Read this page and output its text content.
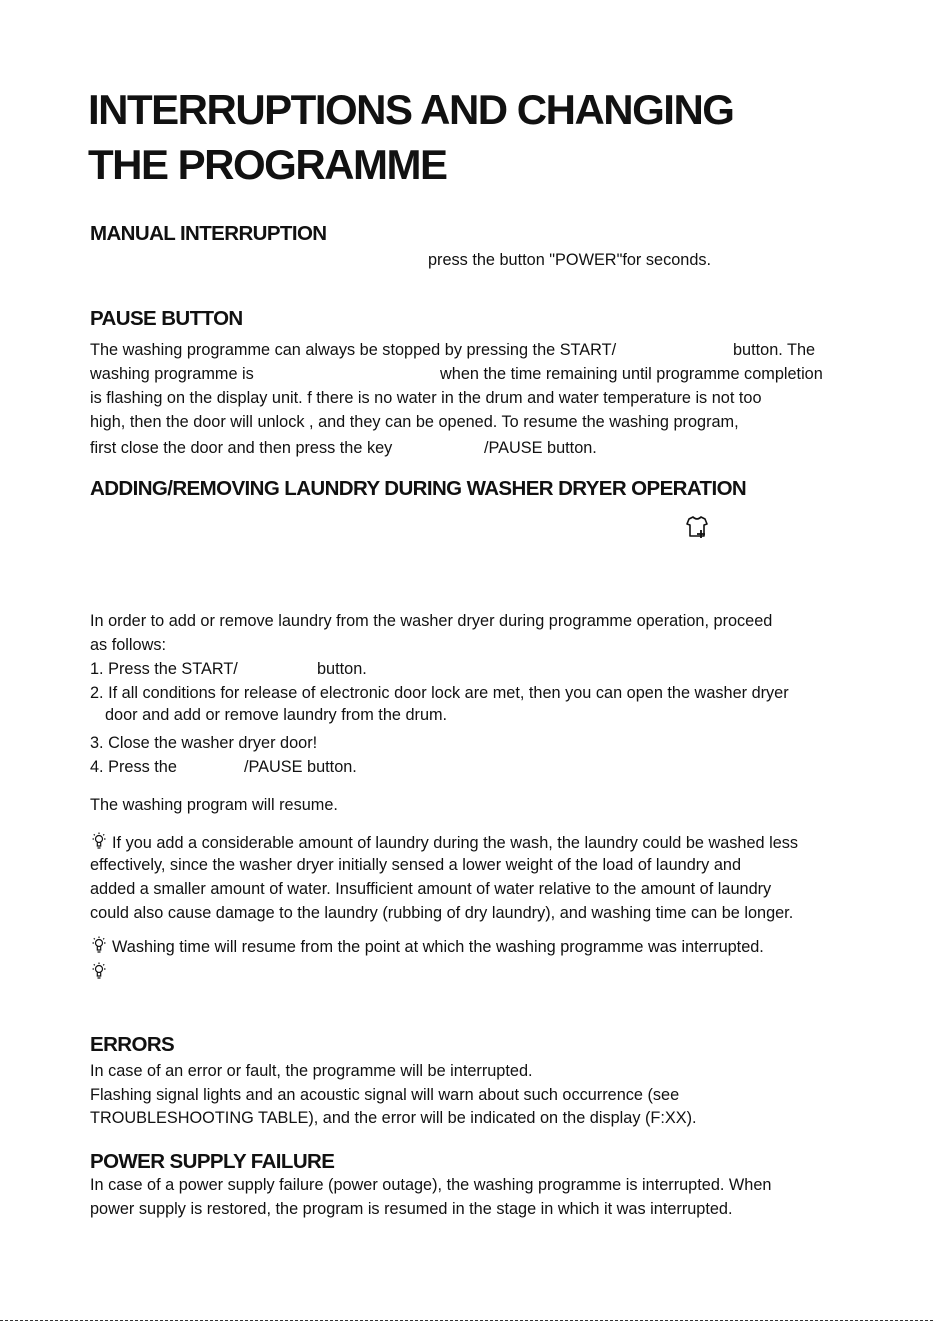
INTERRUPTIONS AND CHANGING
THE PROGRAMME
MANUAL INTERRUPTION
press the button "POWER"for seconds.
PAUSE BUTTON
The washing programme can always be stopped by pressing the START/	button. The
washing programme is	when the time remaining until programme completion
is flashing on the display unit. f there is no water in the drum and water temperature is not too
high, then the door will unlock , and they can be opened. To resume the washing program,
first close the door and then press the key	/PAUSE button.
ADDING/REMOVING LAUNDRY DURING WASHER DRYER OPERATION
In order to add or remove laundry from the washer dryer during programme operation, proceed
as follows:
1. Press the START/	button.
2. If all conditions for release of electronic door lock are met, then you can open the washer dryer
door and add or remove laundry from the drum.
3. Close the washer dryer door!
4. Press the	/PAUSE button.
The washing program will resume.
If you add a considerable amount of laundry during the wash, the laundry could be washed less
effectively, since the washer dryer initially sensed a lower weight of the load of laundry and
added a smaller amount of water. Insufficient amount of water relative to the amount of laundry
could also cause damage to the laundry (rubbing of dry laundry), and washing time can be longer.
Washing time will resume from the point at which the washing programme was interrupted.
ERRORS
In case of an error or fault, the programme will be interrupted.
Flashing signal lights and an acoustic signal will warn about such occurrence (see
TROUBLESHOOTING TABLE), and the error will be indicated on the display (F:XX).
POWER SUPPLY FAILURE
In case of a power supply failure (power outage), the washing programme is interrupted. When
power supply is restored, the program is resumed in the stage in which it was interrupted.
